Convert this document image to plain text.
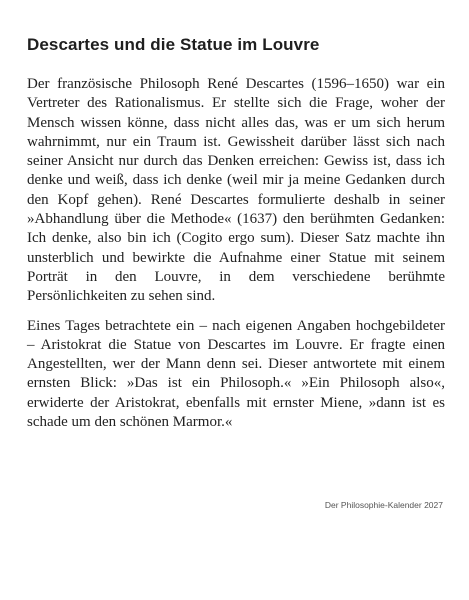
Descartes und die Statue im Louvre

Der französische Philosoph René Descartes (1596–1650) war ein Vertreter des Rationalismus. Er stellte sich die Frage, woher der Mensch wissen könne, dass nicht alles das, was er um sich herum wahrnimmt, nur ein Traum ist. Gewissheit darüber lässt sich nach seiner Ansicht nur durch das Denken erreichen: Gewiss ist, dass ich denke und weiß, dass ich denke (weil mir ja meine Gedanken durch den Kopf gehen). René Descartes formulierte deshalb in seiner »Abhandlung über die Methode« (1637) den berühmten Gedanken: Ich denke, also bin ich (Cogito ergo sum). Dieser Satz machte ihn unsterblich und bewirkte die Aufnahme einer Statue mit seinem Porträt in den Louvre, in dem verschiedene berühmte Persönlichkeiten zu sehen sind.

Eines Tages betrachtete ein – nach eigenen Angaben hochgebildeter – Aristokrat die Statue von Descartes im Louvre. Er fragte einen Angestellten, wer der Mann denn sei. Dieser antwortete mit einem ernsten Blick: »Das ist ein Philosoph.« »Ein Philosoph also«, erwiderte der Aristokrat, ebenfalls mit ernster Miene, »dann ist es schade um den schönen Marmor.«

Der Philosophie-Kalender 2027
